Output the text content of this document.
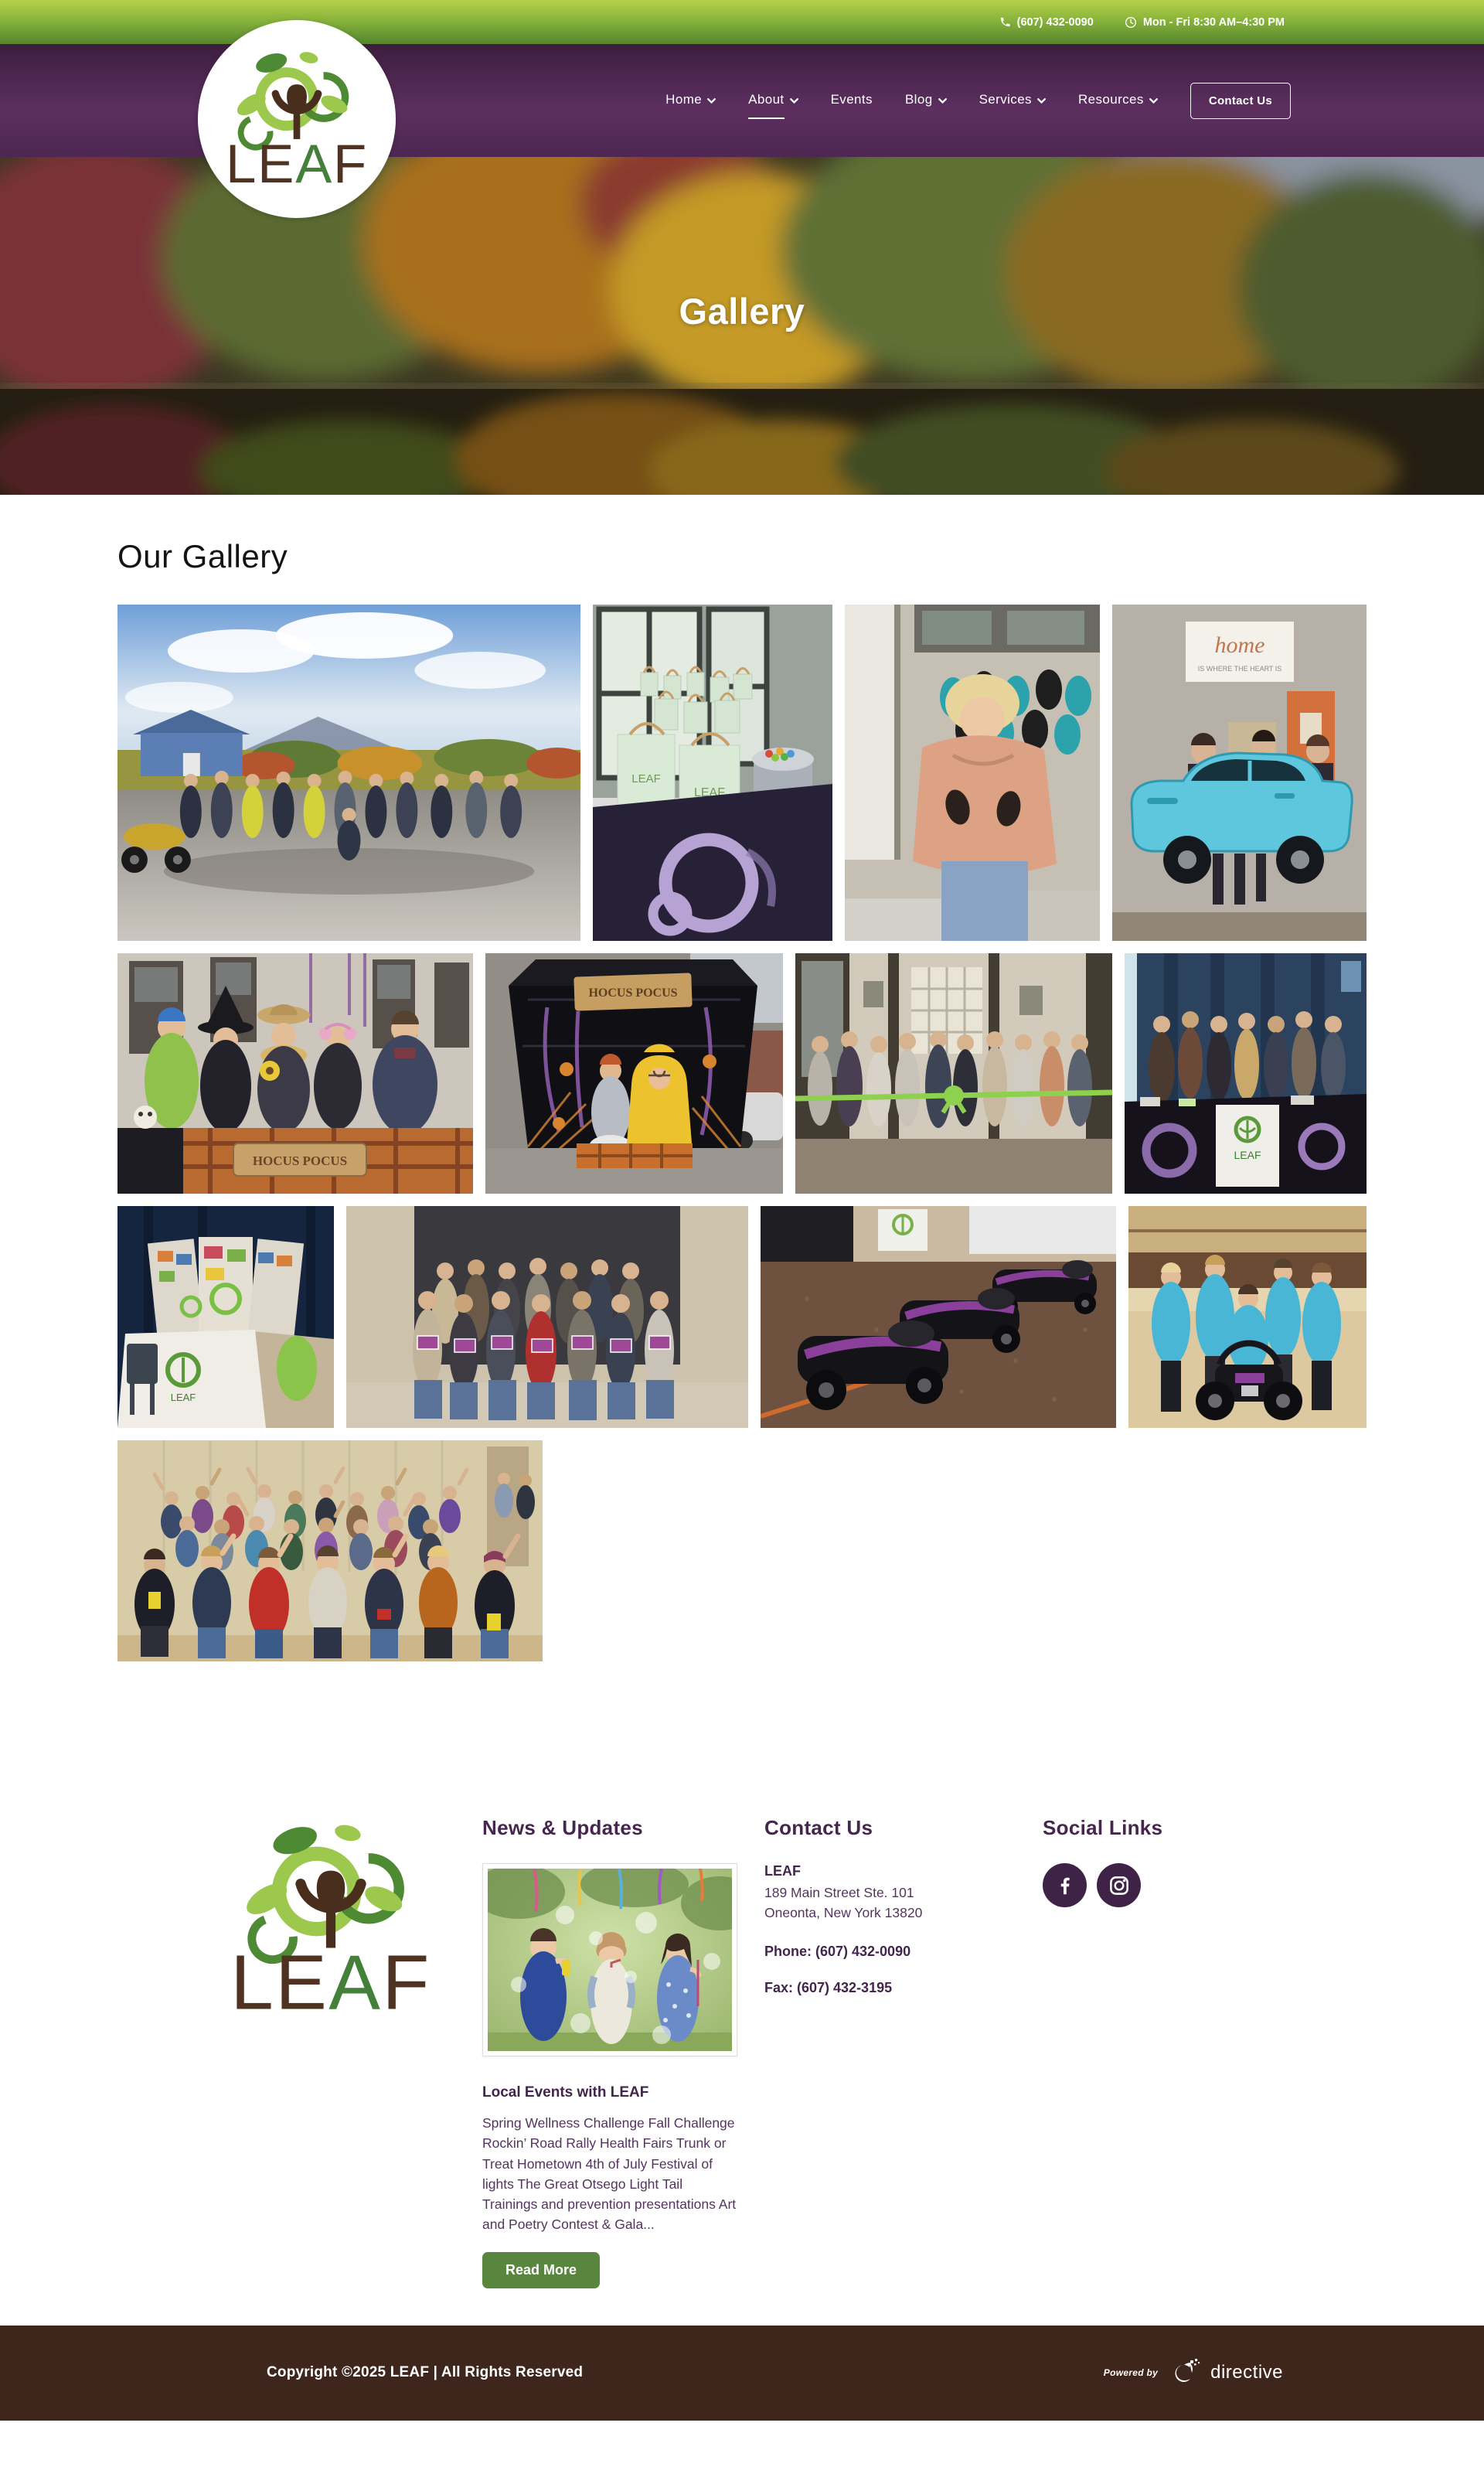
(607) 432-0090	Mon - Fri 8:30 AM–4:30 PM
Home	About	Events Blog	Services	Resources	Contact Us
LEAF
Gallery
Our Gallery
LEAF
LEAF
home
IS WHERE THE HEART IS
HOCUS POCUS
HOCUS POCUS
LEAF
LEAF
LEAF
News & Updates
Local Events with LEAF

Spring Wellness Challenge Fall Challenge Rockin’ Road Rally Health Fairs Trunk or Treat Hometown 4th of July Festival of lights The Great Otsego Light Tail Trainings and prevention presentations Art and Poetry Contest & Gala...

Read More
Contact Us
LEAF
189 Main Street Ste. 101
Oneonta, New York 13820
Phone: (607) 432-0090
Fax: (607) 432-3195
Social Links
Copyright ©2025 LEAF | All Rights Reserved	Powered by	directive
